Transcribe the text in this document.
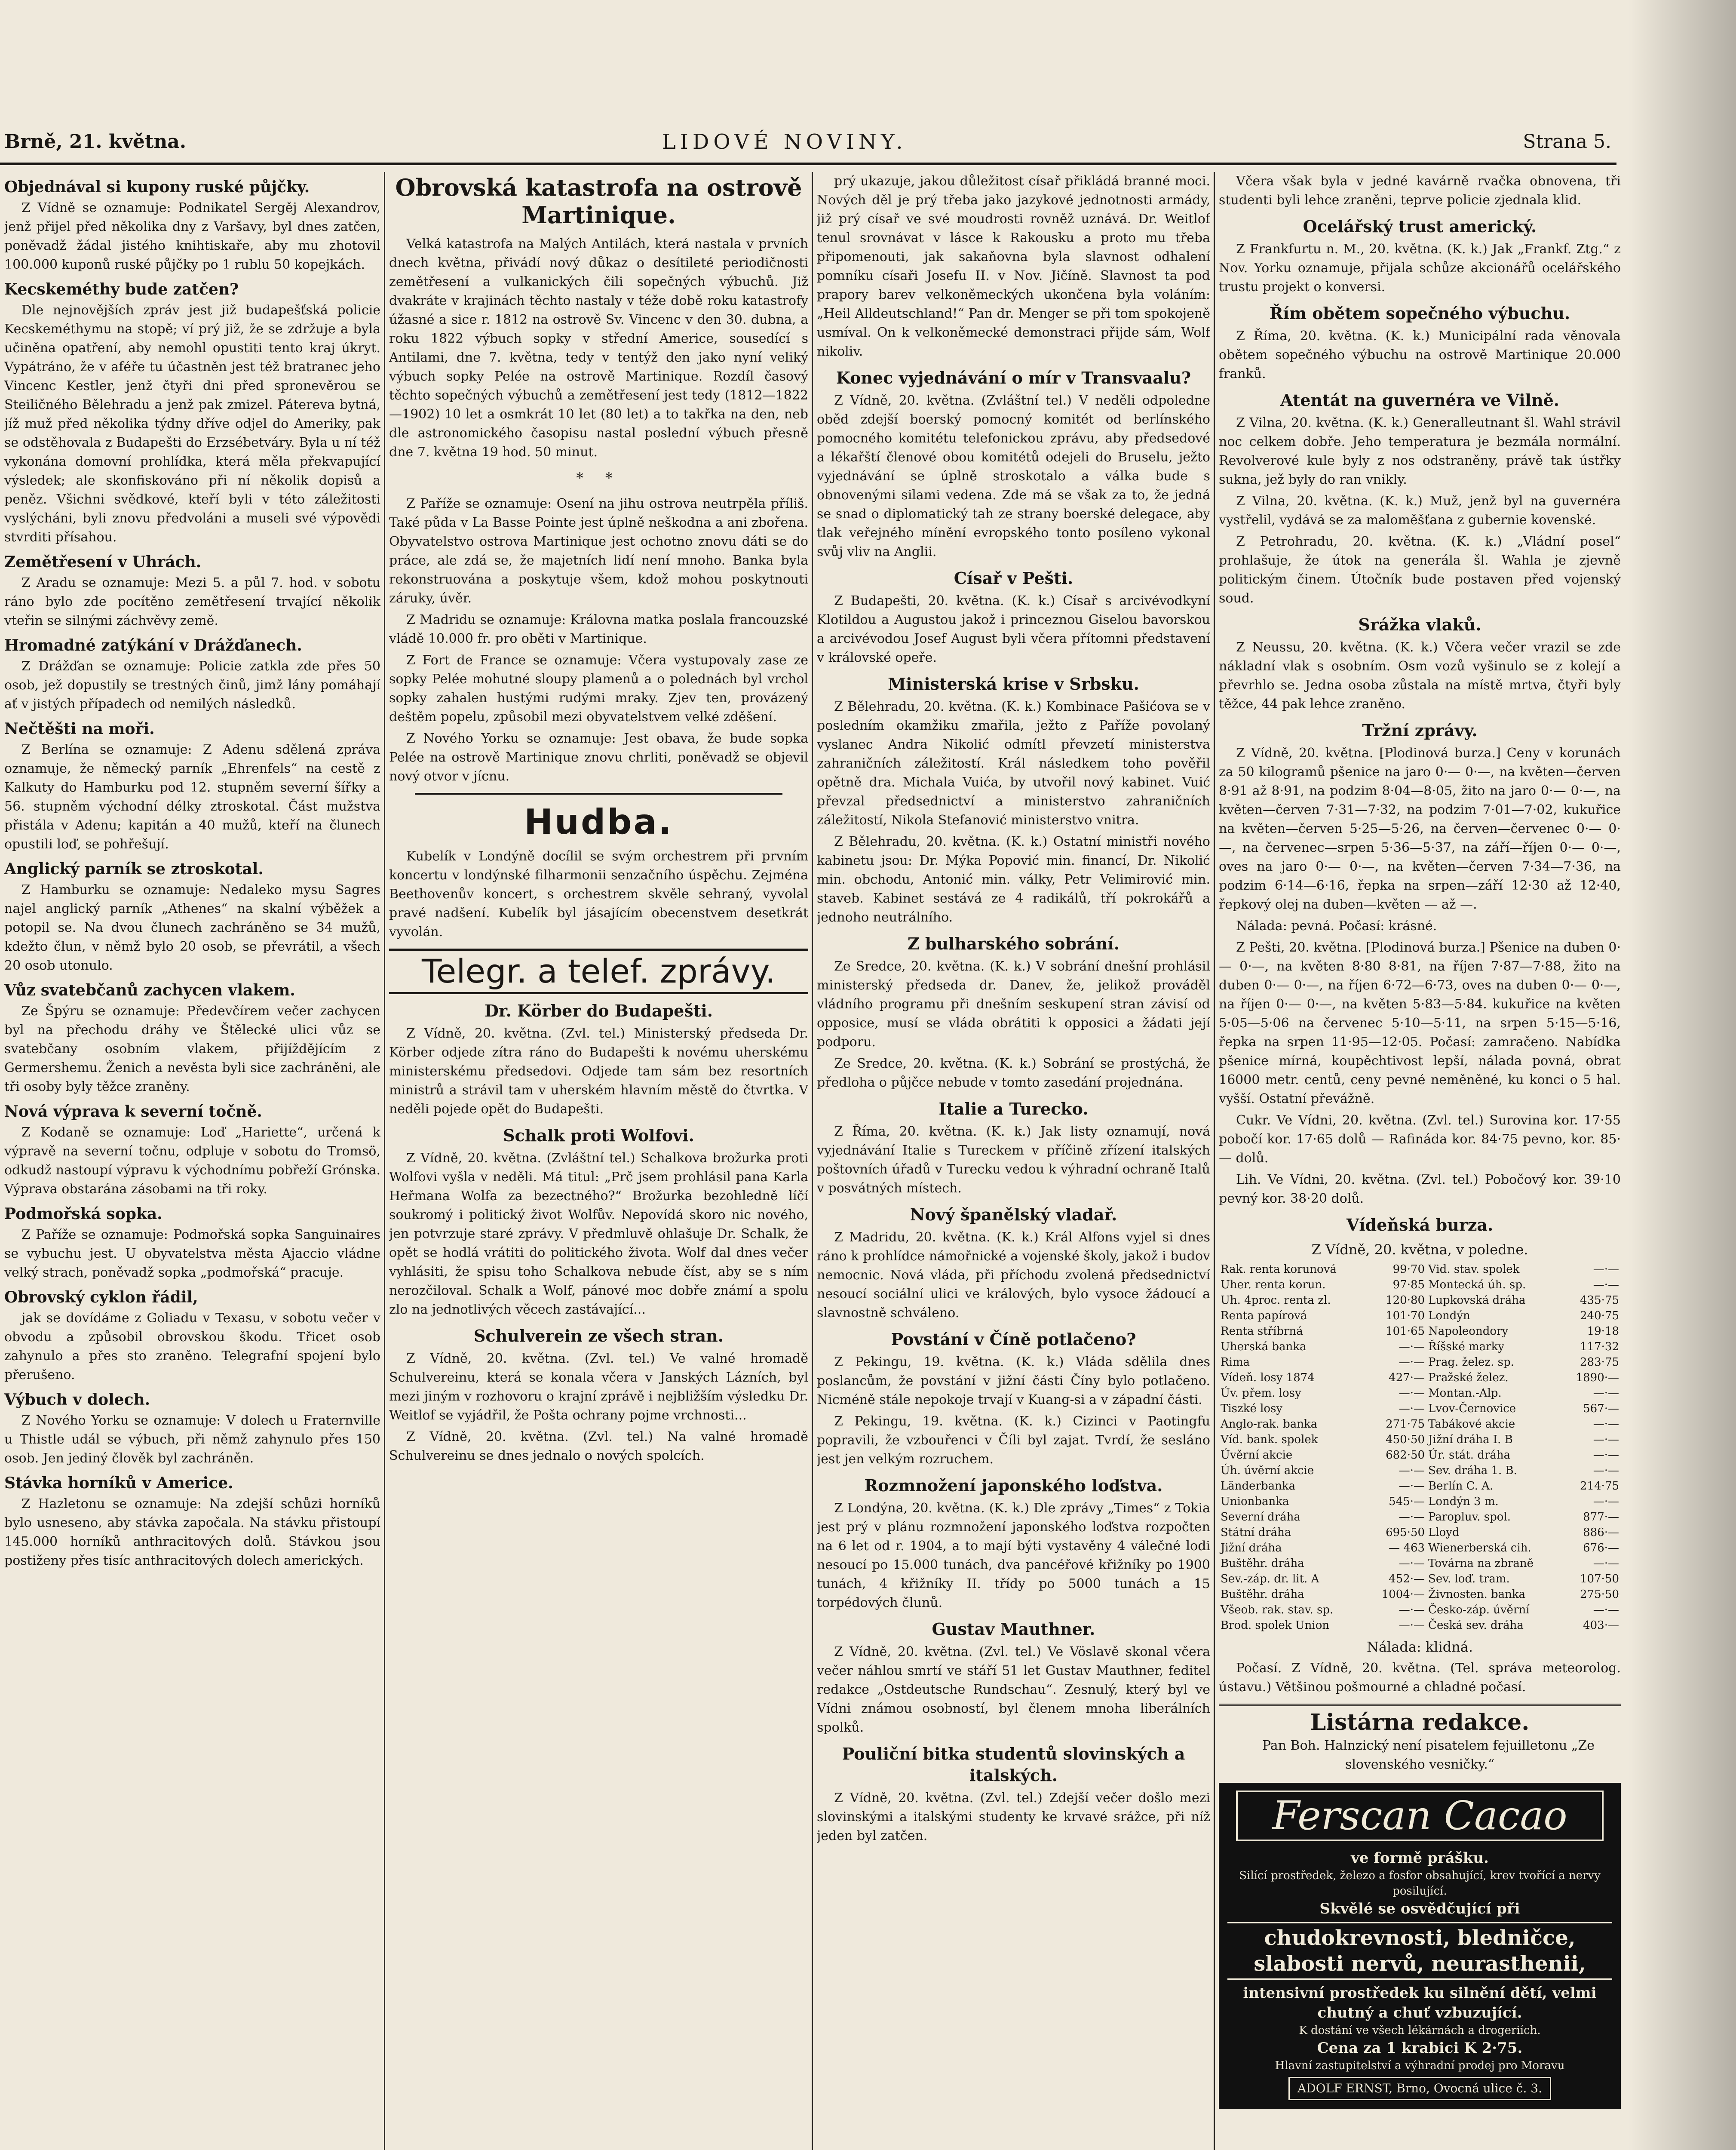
Brně, 21. května.	LIDOVÉ NOVINY.	Strana 5.
Objednával si kupony ruské půjčky.

Z Vídně se oznamuje: Podnikatel Sergěj Alexandrov, jenž přijel před několika dny z Varšavy, byl dnes zatčen, poněvadž žádal jistého knihtiskaře, aby mu zhotovil 100.000 kuponů ruské půjčky po 1 rublu 50 kopejkách.

Kecskeméthy bude zatčen?

Dle nejnovějších zpráv jest již budapešťská policie Kecskeméthymu na stopě; ví prý již, že se zdržuje a byla učiněna opatření, aby nemohl opustiti tento kraj úkryt. Vypátráno, že v aféře tu účastněn jest též bratranec jeho Vincenc Kestler, jenž čtyři dni před spronevěrou se Steiličného Bělehradu a jenž pak zmizel. Pátereva bytná, jíž muž před několika týdny dříve odjel do Ameriky, pak se odstěhovala z Budapešti do Erzsébetváry. Byla u ní též vykonána domovní prohlídka, která měla překvapující výsledek; ale skonfiskováno při ní několik dopisů a peněz. Všichni svědkové, kteří byli v této záležitosti vyslýcháni, byli znovu předvoláni a museli své výpovědi stvrditi přísahou.

Zemětřesení v Uhrách.

Z Aradu se oznamuje: Mezi 5. a půl 7. hod. v sobotu ráno bylo zde pocítěno zemětřesení trvající několik vteřin se silnými záchvěvy země.

Hromadné zatýkání v Drážďanech.

Z Drážďan se oznamuje: Policie zatkla zde přes 50 osob, jež dopustily se trestných činů, jimž lány pomáhají ať v jistých případech od nemilých následků.

Nečtěšti na moři.

Z Berlína se oznamuje: Z Adenu sdělená zpráva oznamuje, že německý parník „Ehrenfels“ na cestě z Kalkuty do Hamburku pod 12. stupněm severní šířky a 56. stupněm východní délky ztroskotal. Část mužstva přistála v Adenu; kapitán a 40 mužů, kteří na člunech opustili loď, se pohřešují.

Anglický parník se ztroskotal.

Z Hamburku se oznamuje: Nedaleko mysu Sagres najel anglický parník „Athenes“ na skalní výběžek a potopil se. Na dvou člunech zachráněno se 34 mužů, kdežto člun, v němž bylo 20 osob, se převrátil, a všech 20 osob utonulo.

Vůz svatebčanů zachycen vlakem.

Ze Špýru se oznamuje: Předevčírem večer zachycen byl na přechodu dráhy ve Štělecké ulici vůz se svatebčany osobním vlakem, přijíždějícím z Germershemu. Ženich a nevěsta byli sice zachráněni, ale tři osoby byly těžce zraněny.

Nová výprava k severní točně.

Z Kodaně se oznamuje: Loď „Hariette“, určená k výpravě na severní točnu, odpluje v sobotu do Tromsö, odkudž nastoupí výpravu k východnímu pobřeží Grónska. Výprava obstarána zásobami na tři roky.

Podmořská sopka.

Z Paříže se oznamuje: Podmořská sopka Sanguinaires se vybuchu jest. U obyvatelstva města Ajaccio vládne velký strach, poněvadž sopka „podmořská“ pracuje.

Obrovský cyklon řádil,

jak se dovídáme z Goliadu v Texasu, v sobotu večer v obvodu a způsobil obrovskou škodu. Třicet osob zahynulo a přes sto zraněno. Telegrafní spojení bylo přerušeno.

Výbuch v dolech.

Z Nového Yorku se oznamuje: V dolech u Fraternville u Thistle udál se výbuch, při němž zahynulo přes 150 osob. Jen jediný člověk byl zachráněn.

Stávka horníků v Americe.

Z Hazletonu se oznamuje: Na zdejší schůzi horníků bylo usneseno, aby stávka započala. Na stávku přistoupí 145.000 horníků anthracitových dolů. Stávkou jsou postiženy přes tisíc anthracitových dolech amerických.

Obrovská katastrofa na ostrově Martinique.

Velká katastrofa na Malých Antilách, která nastala v prvních dnech května, přivádí nový důkaz o desítileté periodičnosti zemětřesení a vulkanických čili sopečných výbuchů. Již dvakráte v krajinách těchto nastaly v téže době roku katastrofy úžasné a sice r. 1812 na ostrově Sv. Vincenc v den 30. dubna, a roku 1822 výbuch sopky v střední Americe, sousedící s Antilami, dne 7. května, tedy v tentýž den jako nyní veliký výbuch sopky Pelée na ostrově Martinique. Rozdíl časový těchto sopečných výbuchů a zemětřesení jest tedy (1812—1822—1902) 10 let a osmkrát 10 let (80 let) a to takřka na den, neb dle astronomického časopisu nastal poslední výbuch přesně dne 7. května 19 hod. 50 minut.

* *

Z Paříže se oznamuje: Osení na jihu ostrova neutrpěla příliš. Také půda v La Basse Pointe jest úplně neškodna a ani zbořena. Obyvatelstvo ostrova Martinique jest ochotno znovu dáti se do práce, ale zdá se, že majetních lidí není mnoho. Banka byla rekonstruována a poskytuje všem, kdož mohou poskytnouti záruky, úvěr.

Z Madridu se oznamuje: Královna matka poslala francouzské vládě 10.000 fr. pro oběti v Martinique.

Z Fort de France se oznamuje: Včera vystupovaly zase ze sopky Pelée mohutné sloupy plamenů a o polednách byl vrchol sopky zahalen hustými rudými mraky. Zjev ten, provázený deštěm popelu, způsobil mezi obyvatelstvem velké zděšení.

Z Nového Yorku se oznamuje: Jest obava, že bude sopka Pelée na ostrově Martinique znovu chrliti, poněvadž se objevil nový otvor v jícnu.

Hudba.

Kubelík v Londýně docílil se svým orchestrem při prvním koncertu v londýnské filharmonii senzačního úspěchu. Zejména Beethovenův koncert, s orchestrem skvěle sehraný, vyvolal pravé nadšení. Kubelík byl jásajícím obecenstvem desetkrát vyvolán.

Telegr. a telef. zprávy.
Dr. Körber do Budapešti.

Z Vídně, 20. května. (Zvl. tel.) Ministerský předseda Dr. Körber odjede zítra ráno do Budapešti k novému uherskému ministerskému předsedovi. Odjede tam sám bez resortních ministrů a strávil tam v uherském hlavním městě do čtvrtka. V neděli pojede opět do Budapešti.

Schalk proti Wolfovi.

Z Vídně, 20. května. (Zvláštní tel.) Schalkova brožurka proti Wolfovi vyšla v neděli. Má titul: „Prč jsem prohlásil pana Karla Heřmana Wolfa za bezectného?“ Brožurka bezohledně líčí soukromý i politický život Wolfův. Nepovídá skoro nic nového, jen potvrzuje staré zprávy. V předmluvě ohlašuje Dr. Schalk, že opět se hodlá vrátiti do politického života. Wolf dal dnes večer vyhlásiti, že spisu toho Schalkova nebude číst, aby se s ním nerozčiloval. Schalk a Wolf, pánové moc dobře známí a spolu zlo na jednotlivých věcech zastávající...

Schulverein ze všech stran.

Z Vídně, 20. května. (Zvl. tel.) Ve valné hromadě Schulvereinu, která se konala včera v Janských Lázních, byl mezi jiným v rozhovoru o krajní zprávě i nejbližším výsledku Dr. Weitlof se vyjádřil, že Pošta ochrany pojme vrchnosti...

Z Vídně, 20. května. (Zvl. tel.) Na valné hromadě Schulvereinu se dnes jednalo o nových spolcích.

prý ukazuje, jakou důležitost císař přikládá branné moci. Nových děl je prý třeba jako jazykové jednotnosti armády, již prý císař ve své moudrosti rovněž uznává. Dr. Weitlof tenul srovnávat v lásce k Rakousku a proto mu třeba připomenouti, jak sakaňovna byla slavnost odhalení pomníku císaři Josefu II. v Nov. Jičíně. Slavnost ta pod prapory barev velkoněmeckých ukončena byla voláním: „Heil Alldeutschland!“ Pan dr. Menger se při tom spokojeně usmíval. On k velkoněmecké demonstraci přijde sám, Wolf nikoliv.

Konec vyjednávání o mír v Transvaalu?

Z Vídně, 20. května. (Zvláštní tel.) V neděli odpoledne oběd zdejší boerský pomocný komitét od berlínského pomocného komitétu telefonickou zprávu, aby předsedové a lékařští členové obou komitétů odejeli do Bruselu, ježto vyjednávání se úplně stroskotalo a válka bude s obnovenými silami vedena. Zde má se však za to, že jedná se snad o diplomatický tah ze strany boerské delegace, aby tlak veřejného mínění evropského tonto posíleno vykonal svůj vliv na Anglii.

Císař v Pešti.

Z Budapešti, 20. května. (K. k.) Císař s arcivévodkyní Klotildou a Augustou jakož i princeznou Giselou bavorskou a arcivévodou Josef August byli včera přítomni představení v královské opeře.

Ministerská krise v Srbsku.

Z Bělehradu, 20. května. (K. k.) Kombinace Pašićova se v posledním okamžiku zmařila, ježto z Paříže povolaný vyslanec Andra Nikolić odmítl převzetí ministerstva zahraničních záležitostí. Král následkem toho pověřil opětně dra. Michala Vuića, by utvořil nový kabinet. Vuić převzal předsednictví a ministerstvo zahraničních záležitostí, Nikola Stefanović ministerstvo vnitra.

Z Bělehradu, 20. května. (K. k.) Ostatní ministři nového kabinetu jsou: Dr. Mýka Popović min. financí, Dr. Nikolić min. obchodu, Antonić min. války, Petr Velimirović min. staveb. Kabinet sestává ze 4 radikálů, tří pokrokářů a jednoho neutrálního.

Z bulharského sobrání.

Ze Sredce, 20. května. (K. k.) V sobrání dnešní prohlásil ministerský předseda dr. Danev, že, jelikož prováděl vládního programu při dnešním seskupení stran závisí od opposice, musí se vláda obrátiti k opposici a žádati její podporu.

Ze Sredce, 20. května. (K. k.) Sobrání se prostýchá, že předloha o půjčce nebude v tomto zasedání projednána.

Italie a Turecko.

Z Říma, 20. května. (K. k.) Jak listy oznamují, nová vyjednávání Italie s Tureckem v příčině zřízení italských poštovních úřadů v Turecku vedou k výhradní ochraně Italů v posvátných místech.

Nový španělský vladař.

Z Madridu, 20. května. (K. k.) Král Alfons vyjel si dnes ráno k prohlídce námořnické a vojenské školy, jakož i budov nemocnic. Nová vláda, při příchodu zvolená předsednictví nesoucí sociální ulici ve králových, bylo vysoce žádoucí a slavnostně schváleno.

Povstání v Číně potlačeno?

Z Pekingu, 19. května. (K. k.) Vláda sdělila dnes poslancům, že povstání v jižní části Číny bylo potlačeno. Nicméně stále nepokoje trvají v Kuang-si a v západní části.

Z Pekingu, 19. května. (K. k.) Cizinci v Paotingfu popravili, že vzbouřenci v Číli byl zajat. Tvrdí, že sesláno jest jen velkým rozruchem.

Rozmnožení japonského loďstva.

Z Londýna, 20. května. (K. k.) Dle zprávy „Times“ z Tokia jest prý v plánu rozmnožení japonského loďstva rozpočten na 6 let od r. 1904, a to mají býti vystavěny 4 válečné lodi nesoucí po 15.000 tunách, dva pancéřové křižníky po 1900 tunách, 4 křižníky II. třídy po 5000 tunách a 15 torpédových člunů.

Gustav Mauthner.

Z Vídně, 20. května. (Zvl. tel.) Ve Vöslavě skonal včera večer náhlou smrtí ve stáří 51 let Gustav Mauthner, feditel redakce „Ostdeutsche Rundschau“. Zesnulý, který byl ve Vídni známou osobností, byl členem mnoha liberálních spolků.

Pouliční bitka studentů slovinských a italských.

Z Vídně, 20. května. (Zvl. tel.) Zdejší večer došlo mezi slovinskými a italskými studenty ke krvavé srážce, při níž jeden byl zatčen.

Včera však byla v jedné kavárně rvačka obnovena, tři studenti byli lehce zraněni, teprve policie zjednala klid.

Ocelářský trust americký.

Z Frankfurtu n. M., 20. května. (K. k.) Jak „Frankf. Ztg.“ z Nov. Yorku oznamuje, přijala schůze akcionářů ocelářského trustu projekt o konversi.

Řím obětem sopečného výbuchu.

Z Říma, 20. května. (K. k.) Municipální rada věnovala obětem sopečného výbuchu na ostrově Martinique 20.000 franků.

Atentát na guvernéra ve Vilně.

Z Vilna, 20. května. (K. k.) Generalleutnant šl. Wahl strávil noc celkem dobře. Jeho temperatura je bezmála normální. Revolverové kule byly z nos odstraněny, právě tak ústřky sukna, jež byly do ran vnikly.

Z Vilna, 20. května. (K. k.) Muž, jenž byl na guvernéra vystřelil, vydává se za maloměšťana z gubernie kovenské.

Z Petrohradu, 20. května. (K. k.) „Vládní posel“ prohlašuje, že útok na generála šl. Wahla je zjevně politickým činem. Útočník bude postaven před vojenský soud.

Srážka vlaků.

Z Neussu, 20. května. (K. k.) Včera večer vrazil se zde nákladní vlak s osobním. Osm vozů vyšinulo se z kolejí a převrhlo se. Jedna osoba zůstala na místě mrtva, čtyři byly těžce, 44 pak lehce zraněno.

Tržní zprávy.

Z Vídně, 20. května. [Plodinová burza.] Ceny v korunách za 50 kilogramů pšenice na jaro 0·— 0·—, na květen—červen 8·91 až 8·91, na podzim 8·04—8·05, žito na jaro 0·— 0·—, na květen—červen 7·31—7·32, na podzim 7·01—7·02, kukuřice na květen—červen 5·25—5·26, na červen—červenec 0·— 0·—, na červenec—srpen 5·36—5·37, na září—říjen 0·— 0·—, oves na jaro 0·— 0·—, na květen—červen 7·34—7·36, na podzim 6·14—6·16, řepka na srpen—září 12·30 až 12·40, řepkový olej na duben—květen — až —.

Náladа: pevná. Počasí: krásné.

Z Pešti, 20. května. [Plodinová burza.] Pšenice na duben 0·— 0·—, na květen 8·80 8·81, na říjen 7·87—7·88, žito na duben 0·— 0·—, na říjen 6·72—6·73, oves na duben 0·— 0·—, na říjen 0·— 0·—, na květen 5·83—5·84. kukuřice na květen 5·05—5·06 na červenec 5·10—5·11, na srpen 5·15—5·16, řepka na srpen 11·95—12·05. Počasí: zamračeno. Nabídka pšenice mírná, koupěchtivost lepší, nálada povná, obrat 16000 metr. centů, ceny pevné neměněné, ku konci o 5 hal. vyšší. Ostatní převážně.

Cukr. Ve Vídni, 20. května. (Zvl. tel.) Surovina kor. 17·55 pobočí kor. 17·65 dolů — Rafináda kor. 84·75 pevno, kor. 85·— dolů.

Lih. Ve Vídni, 20. května. (Zvl. tel.) Pobočový kor. 39·10 pevný kor. 38·20 dolů.

Vídeňská burza.
Z Vídně, 20. května, v poledne.
Rak. renta korunová	99·70	Vid. stav. spolek	—·—
Uher. renta korun.	97·85	Montecká úh. sp.	—·—
Uh. 4proc. renta zl.	120·80	Lupkovská dráha	435·75
Renta papírová	101·70	Londýn	240·75
Renta stříbrná	101·65	Napoleondory	19·18
Uherská banka	—·—	Říšské marky	117·32
Rima	—·—	Prag. želez. sp.	283·75
Vídeň. losy 1874	427·—	Pražské želez.	1890·—
Úv. přem. losy	—·—	Montan.-Alp.	—·—
Tiszké losy	—·—	Lvov-Černovice	567·—
Anglo-rak. banka	271·75	Tabákové akcie	—·—
Víd. bank. spolek	450·50	Jižní dráha I. B	—·—
Úvěrní akcie	682·50	Úr. stát. dráha	—·—
Úh. úvěrní akcie	—·—	Sev. dráha 1. B.	—·—
Länderbanka	—·—	Berlín C. A.	214·75
Unionbanka	545·—	Londýn 3 m.	—·—
Severní dráha	—·—	Paropluv. spol.	877·—
Státní dráha	695·50	Lloyd	886·—
Jižní dráha	— 463	Wienerberská cih.	676·—
Buštěhr. dráha	—·—	Továrna na zbraně	—·—
Sev.-záp. dr. lit. A	452·—	Sev. loď. tram.	107·50
Buštěhr. dráha	1004·—	Živnosten. banka	275·50
Všeob. rak. stav. sp.	—·—	Česko-záp. úvěrní	—·—
Brod. spolek Union	—·—	Česká sev. dráha	403·—
Nálada: klidná.

Počasí. Z Vídně, 20. května. (Tel. správa meteorolog. ústavu.) Většinou pošmourné a chladné počasí.

Listárna redakce.

Pan Boh. Halnzický není pisatelem fejuilletonu „Ze slovenského vesničky.“

Ferscan Cacao
ve formě prášku.
Silící prostředek, železo a fosfor obsahující, krev tvořící a nervy posilující.
Skvělé se osvědčující při
chudokrevnosti, bledničce, slabosti nervů, neurasthenii,
intensivní prostředek ku silnění dětí, velmi chutný a chuť vzbuzující.
K dostání ve všech lékárnách a drogeriích.
Cena za 1 krabici K 2·75.
Hlavní zastupitelství a výhradní prodej pro Moravu
ADOLF ERNST, Brno, Ovocná ulice č. 3.
